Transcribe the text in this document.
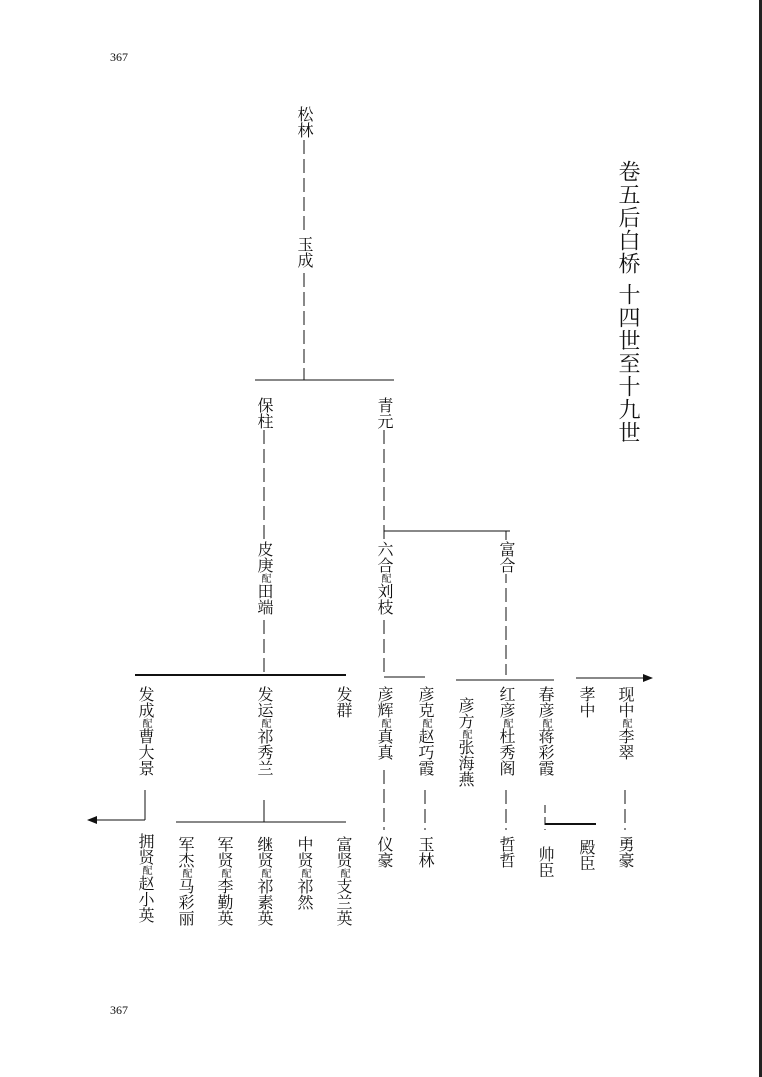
367
367
卷五后白桥 十四世至十九世
松林
玉成
保柱	青元
皮庚配田端
六合配刘枝
富合
发成配曹大景
发运配祁秀兰
发群 彦辉配真真
彦克配赵巧霞
彦方配张海燕
红彦配杜秀阁
春彦配蒋彩霞
孝中 现中配李翠
拥贤配赵小英
军杰配马彩丽
军贤配李勤英
继贤配祁素英
中贤配祁然
富贤配支兰英
仪豪 玉林	哲哲 帅臣 殿臣 勇豪
